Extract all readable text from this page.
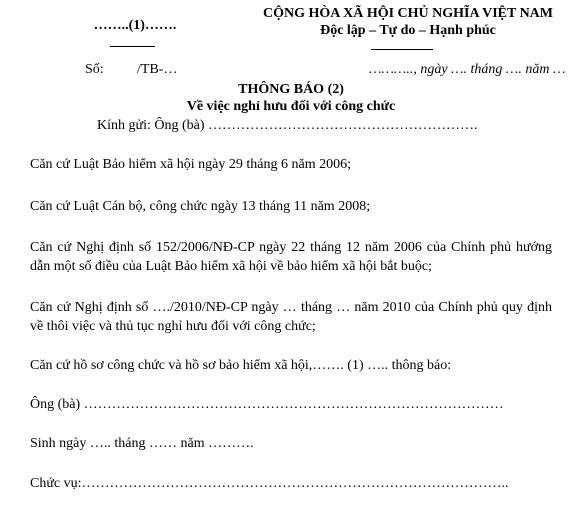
……..(1)…….
CỘNG HÒA XÃ HỘI CHỦ NGHĨA VIỆT NAM
Độc lập – Tự do – Hạnh phúc
Số: /TB-…	……….., ngày …. tháng …. năm …
THÔNG BÁO (2)
Về việc nghỉ hưu đối với công chức
Kính gửi: Ông (bà) ………………………………………………….
Căn cứ Luật Bảo hiểm xã hội ngày 29 tháng 6 năm 2006;
Căn cứ Luật Cán bộ, công chức ngày 13 tháng 11 năm 2008;
Căn cứ Nghị định số 152/2006/NĐ-CP ngày 22 tháng 12 năm 2006 của Chính phủ hướng dẫn một số điều của Luật Bảo hiểm xã hội về bảo hiểm xã hội bắt buộc;
Căn cứ Nghị định số …./2010/NĐ-CP ngày … tháng … năm 2010 của Chính phủ quy định về thôi việc và thủ tục nghỉ hưu đối với công chức;
Căn cứ hồ sơ công chức và hồ sơ bảo hiểm xã hội,……. (1) ….. thông báo:
Ông (bà) ………………………………………………………………………………
Sinh ngày ….. tháng …… năm ……….
Chức vụ:………………………………………………………………………………..
